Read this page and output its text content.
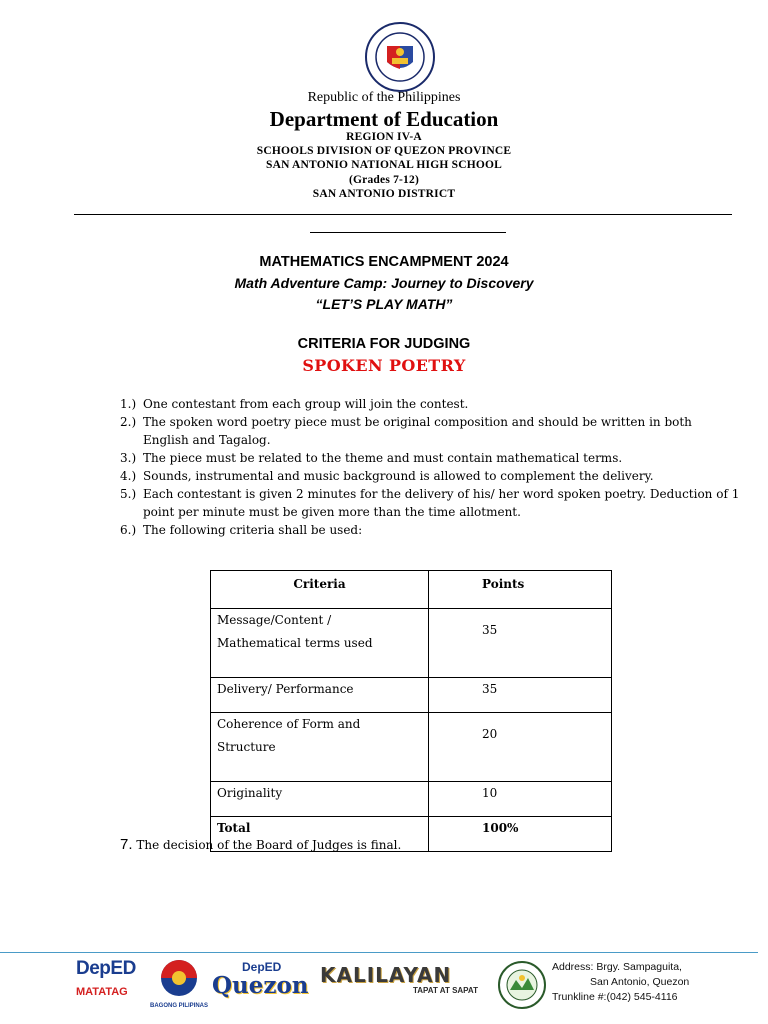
Republic of the Philippines
Department of Education
REGION IV-A
SCHOOLS DIVISION OF QUEZON PROVINCE
SAN ANTONIO NATIONAL HIGH SCHOOL
(Grades 7-12)
SAN ANTONIO DISTRICT
MATHEMATICS ENCAMPMENT 2024
Math Adventure Camp: Journey to Discovery
“LET’S PLAY MATH”
CRITERIA FOR JUDGING
SPOKEN POETRY
1.) One contestant from each group will join the contest.
2.) The spoken word poetry piece must be original composition and should be written in both English and Tagalog.
3.) The piece must be related to the theme and must contain mathematical terms.
4.) Sounds, instrumental and music background is allowed to complement the delivery.
5.) Each contestant is given 2 minutes for the delivery of his/ her word spoken poetry. Deduction of 1 point per minute must be given more than the time allotment.
6.) The following criteria shall be used:
Criteria	Points
Message/Content /
Mathematical terms used	35
Delivery/ Performance	35
Coherence of Form and
Structure	20
Originality	10
Total	100%
7. The decision of the Board of Judges is final.
DepED
MATATAG
BAGONG PILIPINAS
DepED
Quezon KALILAYAN
TAPAT AT SAPAT
Address: Brgy. Sampaguita,
San Antonio, Quezon
Trunkline #:(042) 545-4116
